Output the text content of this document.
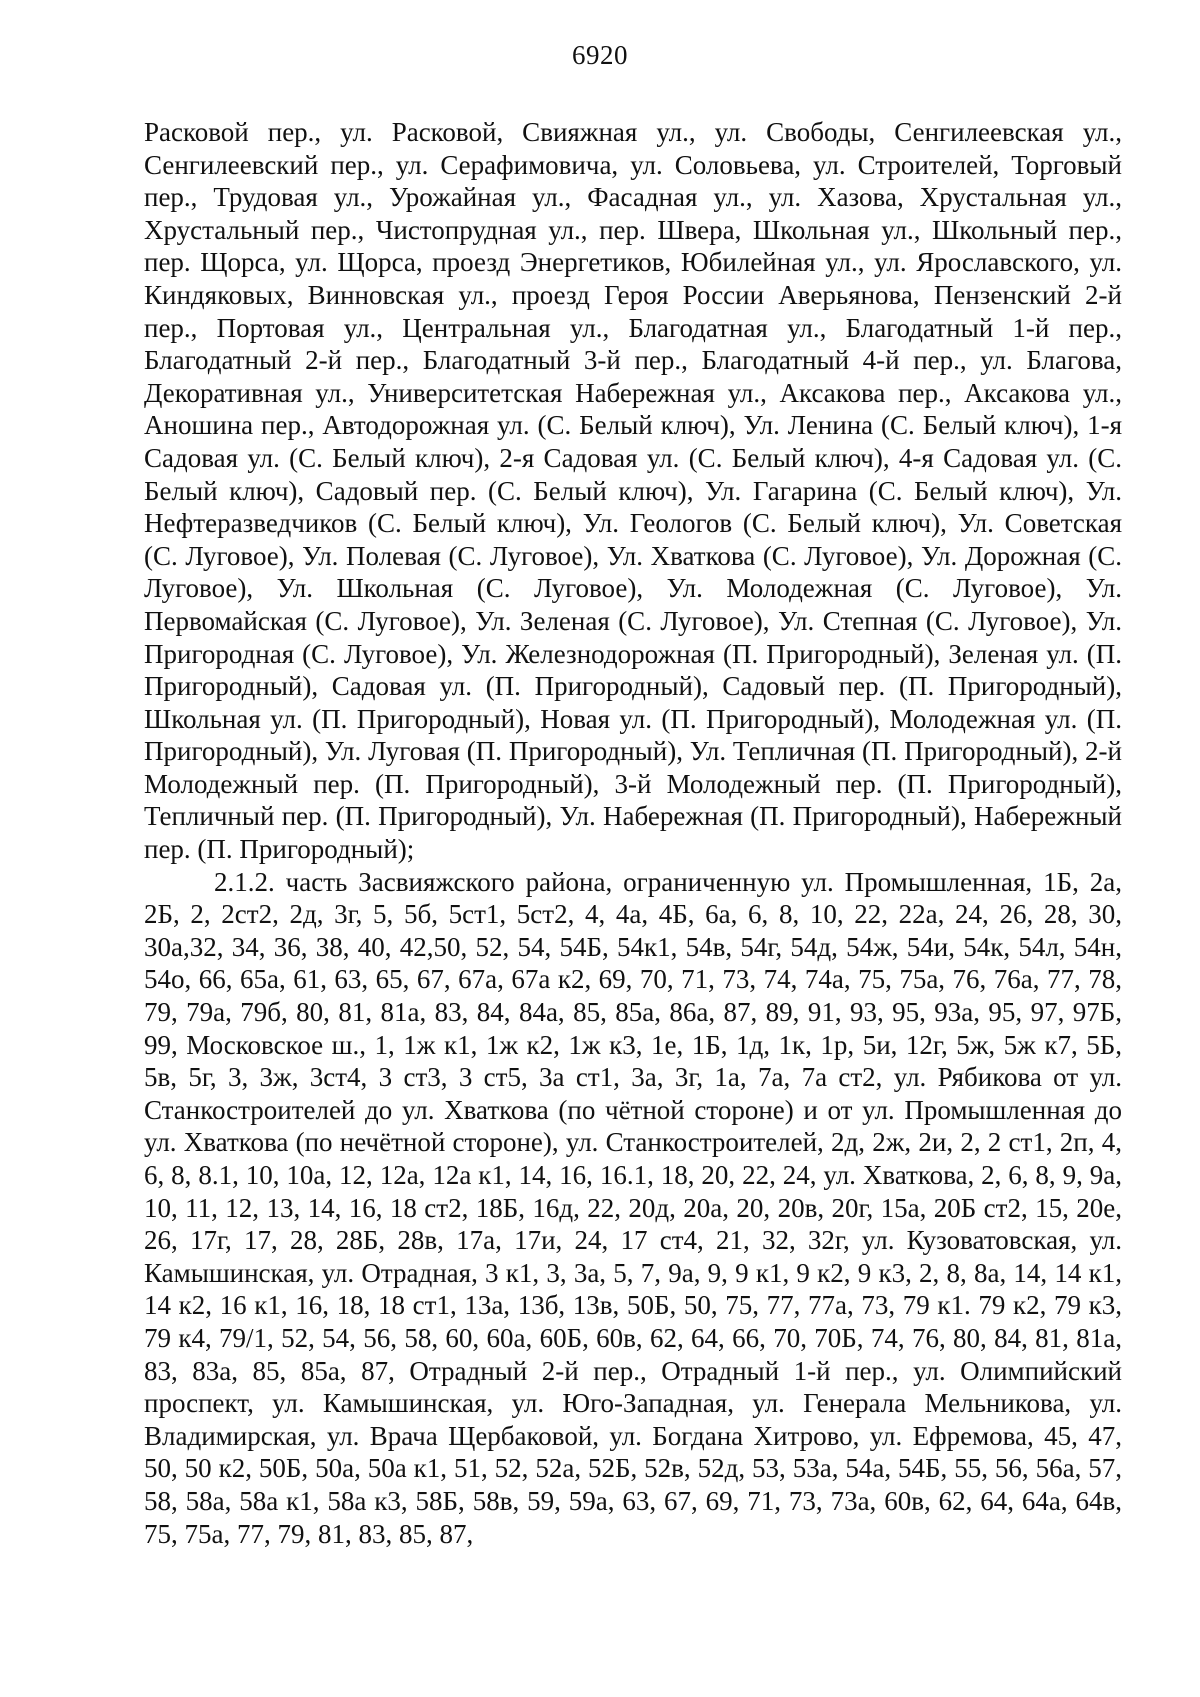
6920

Расковой пер., ул. Расковой, Свияжная ул., ул. Свободы, Сенгилеевская ул., Сенгилеевский пер., ул. Серафимовича, ул. Соловьева, ул. Строителей, Торговый пер., Трудовая ул., Урожайная ул., Фасадная ул., ул. Хазова, Хрустальная ул., Хрустальный пер., Чистопрудная ул., пер. Швера, Школьная ул., Школьный пер., пер. Щорса, ул. Щорса, проезд Энергетиков, Юбилейная ул., ул. Ярославского, ул. Киндяковых, Винновская ул., проезд Героя России Аверьянова, Пензенский 2-й пер., Портовая ул., Центральная ул., Благодатная ул., Благодатный 1-й пер., Благодатный 2-й пер., Благодатный 3-й пер., Благодатный 4-й пер., ул. Благова, Декоративная ул., Университетская Набережная ул., Аксакова пер., Аксакова ул., Аношина пер., Автодорожная ул. (С. Белый ключ), Ул. Ленина (С. Белый ключ), 1-я Садовая ул. (С. Белый ключ), 2-я Садовая ул. (С. Белый ключ), 4-я Садовая ул. (С. Белый ключ), Садовый пер. (С. Белый ключ), Ул. Гагарина (С. Белый ключ), Ул. Нефтеразведчиков (С. Белый ключ), Ул. Геологов (С. Белый ключ), Ул. Советская (С. Луговое), Ул. Полевая (С. Луговое), Ул. Хваткова (С. Луговое), Ул. Дорожная (С. Луговое), Ул. Школьная (С. Луговое), Ул. Молодежная (С. Луговое), Ул. Первомайская (С. Луговое), Ул. Зеленая (С. Луговое), Ул. Степная (С. Луговое), Ул. Пригородная (С. Луговое), Ул. Железнодорожная (П. Пригородный), Зеленая ул. (П. Пригородный), Садовая ул. (П. Пригородный), Садовый пер. (П. Пригородный), Школьная ул. (П. Пригородный), Новая ул. (П. Пригородный), Молодежная ул. (П. Пригородный), Ул. Луговая (П. Пригородный), Ул. Тепличная (П. Пригородный), 2-й Молодежный пер. (П. Пригородный), 3-й Молодежный пер. (П. Пригородный), Тепличный пер. (П. Пригородный), Ул. Набережная (П. Пригородный), Набережный пер. (П. Пригородный);

2.1.2. часть Засвияжского района, ограниченную ул. Промышленная, 1Б, 2а, 2Б, 2, 2ст2, 2д, 3г, 5, 5б, 5ст1, 5ст2, 4, 4а, 4Б, 6а, 6, 8, 10, 22, 22а, 24, 26, 28, 30, 30а,32, 34, 36, 38, 40, 42,50, 52, 54, 54Б, 54к1, 54в, 54г, 54д, 54ж, 54и, 54к, 54л, 54н, 54о, 66, 65а, 61, 63, 65, 67, 67а, 67а к2, 69, 70, 71, 73, 74, 74а, 75, 75а, 76, 76а, 77, 78, 79, 79а, 79б, 80, 81, 81а, 83, 84, 84а, 85, 85а, 86а, 87, 89, 91, 93, 95, 93а, 95, 97, 97Б, 99, Московское ш., 1, 1ж к1, 1ж к2, 1ж к3, 1е, 1Б, 1д, 1к, 1р, 5и, 12г, 5ж, 5ж к7, 5Б, 5в, 5г, 3, 3ж, 3ст4, 3 ст3, 3 ст5, 3а ст1, 3а, 3г, 1а, 7а, 7а ст2, ул. Рябикова от ул. Станкостроителей до ул. Хваткова (по чётной стороне) и от ул. Промышленная до ул. Хваткова (по нечётной стороне), ул. Станкостроителей, 2д, 2ж, 2и, 2, 2 ст1, 2п, 4, 6, 8, 8.1, 10, 10а, 12, 12а, 12а к1, 14, 16, 16.1, 18, 20, 22, 24, ул. Хваткова, 2, 6, 8, 9, 9а, 10, 11, 12, 13, 14, 16, 18 ст2, 18Б, 16д, 22, 20д, 20а, 20, 20в, 20г, 15а, 20Б ст2, 15, 20е, 26, 17г, 17, 28, 28Б, 28в, 17а, 17и, 24, 17 ст4, 21, 32, 32г, ул. Кузоватовская, ул. Камышинская, ул. Отрадная, 3 к1, 3, 3а, 5, 7, 9а, 9, 9 к1, 9 к2, 9 к3, 2, 8, 8а, 14, 14 к1, 14 к2, 16 к1, 16, 18, 18 ст1, 13а, 13б, 13в, 50Б, 50, 75, 77, 77а, 73, 79 к1. 79 к2, 79 к3, 79 к4, 79/1, 52, 54, 56, 58, 60, 60а, 60Б, 60в, 62, 64, 66, 70, 70Б, 74, 76, 80, 84, 81, 81а, 83, 83а, 85, 85а, 87, Отрадный 2-й пер., Отрадный 1-й пер., ул. Олимпийский проспект, ул. Камышинская, ул. Юго-Западная, ул. Генерала Мельникова, ул. Владимирская, ул. Врача Щербаковой, ул. Богдана Хитрово, ул. Ефремова, 45, 47, 50, 50 к2, 50Б, 50а, 50а к1, 51, 52, 52а, 52Б, 52в, 52д, 53, 53а, 54а, 54Б, 55, 56, 56а, 57, 58, 58а, 58а к1, 58а к3, 58Б, 58в, 59, 59а, 63, 67, 69, 71, 73, 73а, 60в, 62, 64, 64а, 64в, 75, 75а, 77, 79, 81, 83, 85, 87,
